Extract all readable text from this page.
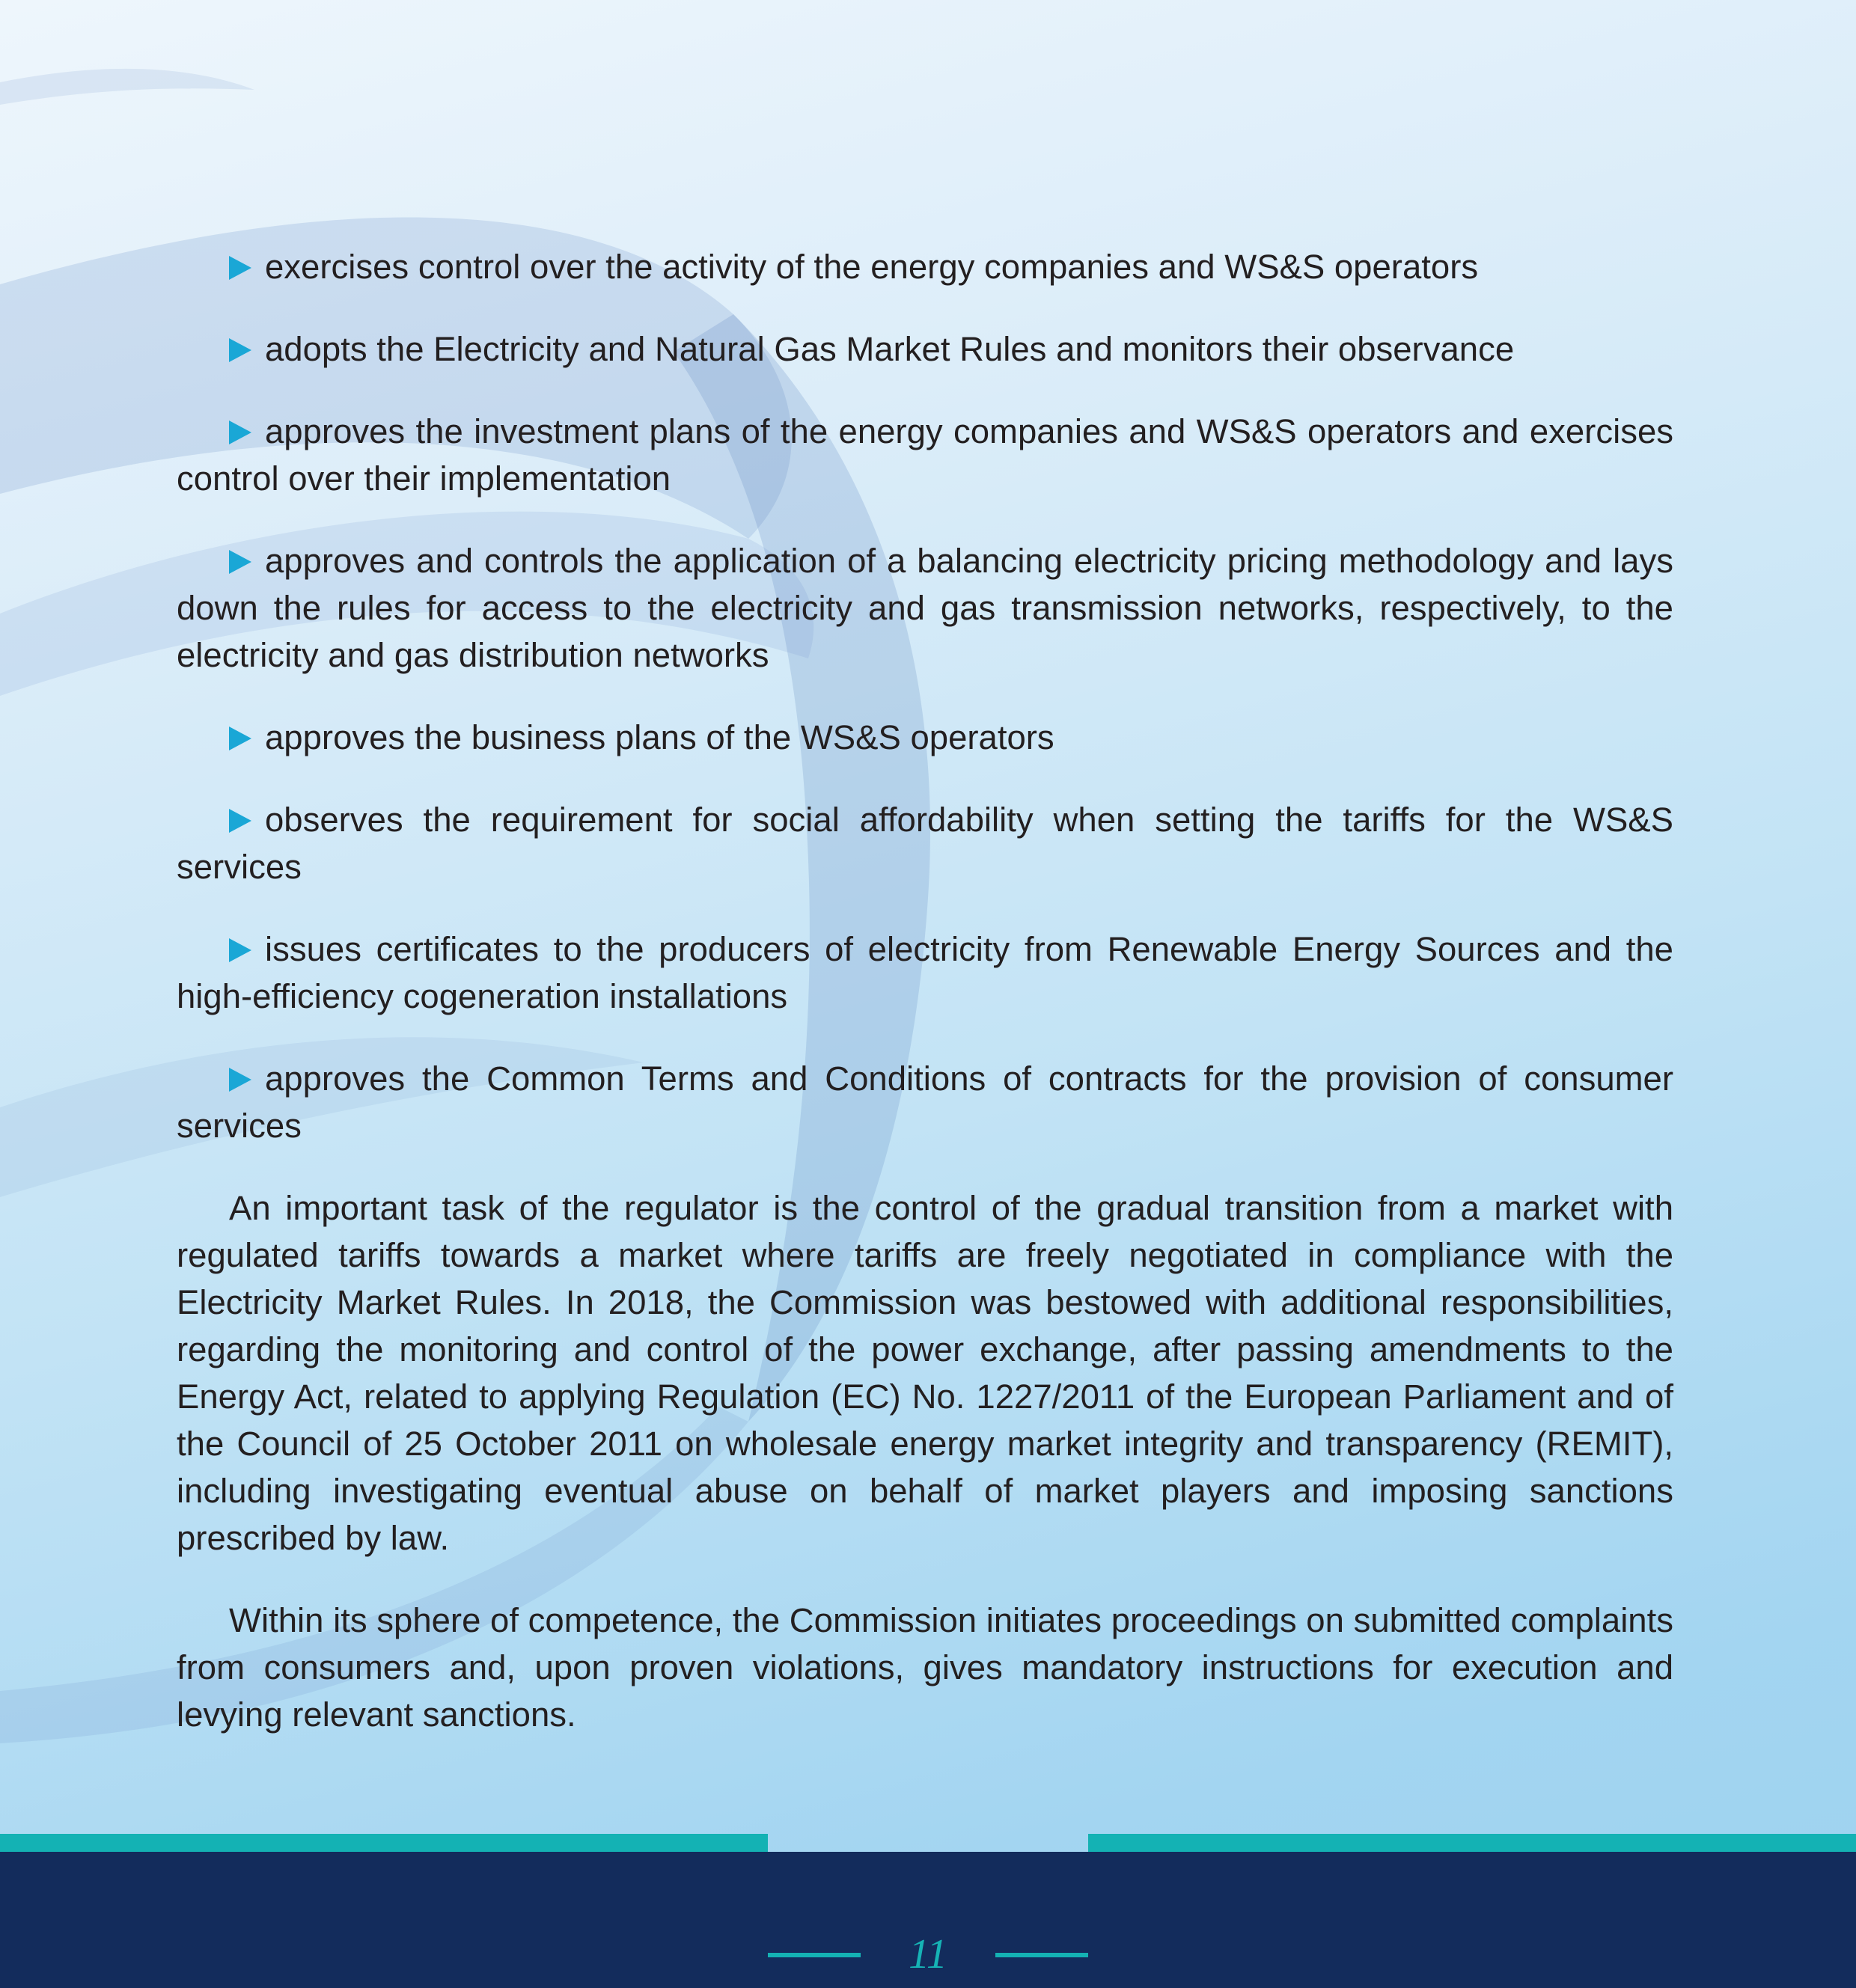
exercises control over the activity of the energy companies and WS&S operators
adopts the Electricity and Natural Gas Market Rules and monitors their observance
approves the investment plans of the energy companies and WS&S operators and exercises control over their implementation
approves and controls the application of a balancing electricity pricing methodology and lays down the rules for access to the electricity and gas transmission networks, respectively, to the electricity and gas distribution networks
approves the business plans of the WS&S operators
observes the requirement for social affordability when setting the tariffs for the WS&S services
issues certificates to the producers of electricity from Renewable Energy Sources and the high-efficiency cogeneration installations
approves the Common Terms and Conditions of contracts for the provision of consumer services

An important task of the regulator is the control of the gradual transition from a market with regulated tariffs towards a market where tariffs are freely negotiated in compliance with the Electricity Market Rules. In 2018, the Commission was bestowed with additional responsibilities, regarding the monitoring and control of the power exchange, after passing amendments to the Energy Act, related to applying Regulation (EC) No. 1227/2011 of the European Parliament and of the Council of 25 October 2011 on wholesale energy market integrity and transparency (REMIT), including investigating eventual abuse on behalf of market players and imposing sanctions prescribed by law.

Within its sphere of competence, the Commission initiates proceedings on submitted complaints from consumers and, upon proven violations, gives mandatory instructions for execution and levying relevant sanctions.

11
